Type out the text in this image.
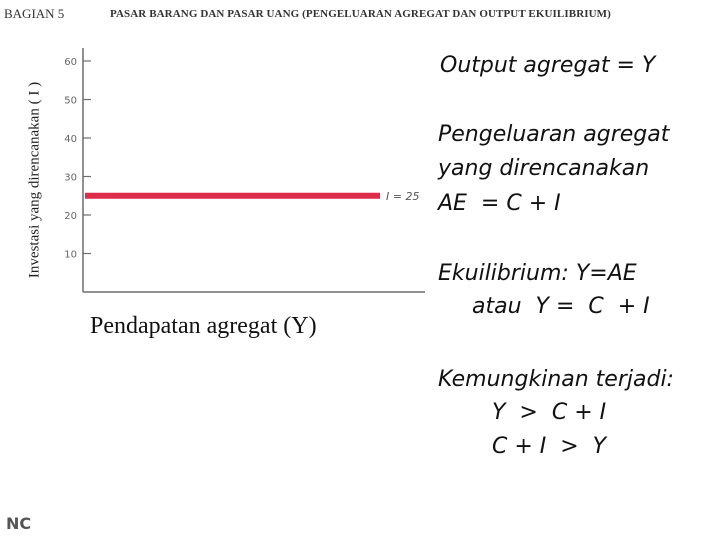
BAGIAN 5	PASAR BARANG DAN PASAR UANG (PENGELUARAN AGREGAT DAN OUTPUT EKUILIBRIUM)
Investasi yang direncanakan ( I ) 10
20
30
40
50
60
I = 25
Pendapatan agregat (Y)
Output agregat = Y
Pengeluaran agregat
yang direncanakan
AE  = C + I
Ekuilibrium: Y=AE
atau  Y =  C  + I
Kemungkinan terjadi:
Y  >  C + I
C + I  >  Y
NC
